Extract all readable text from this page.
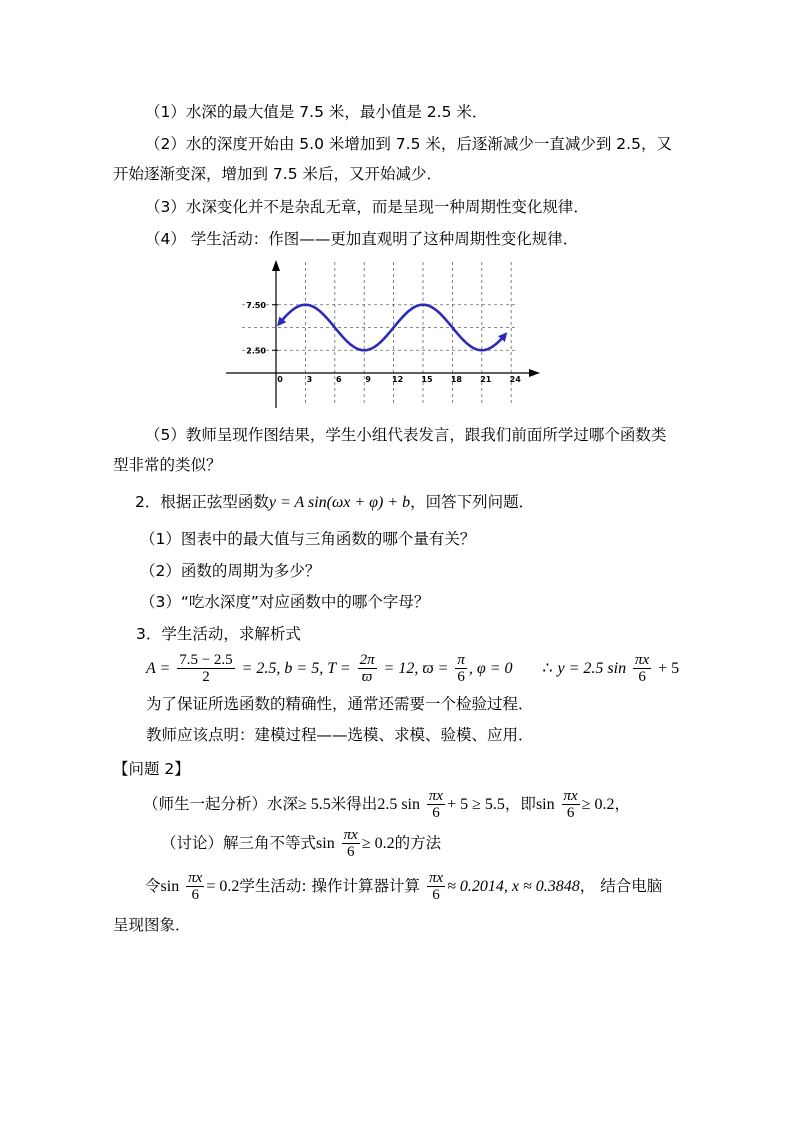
（1）水深的最大值是 7.5 米，最小值是 2.5 米．
（2）水的深度开始由 5.0 米增加到 7.5 米，后逐渐减少一直减少到 2.5，又
开始逐渐变深，增加到 7.5 米后，又开始减少．
（3）水深变化并不是杂乱无章，而是呈现一种周期性变化规律．
（4） 学生活动：作图——更加直观明了这种周期性变化规律．
7.50
2.50
0	3	6	9	12 15 18 21 24
（5）教师呈现作图结果，学生小组代表发言，跟我们前面所学过哪个函数类
型非常的类似？
2．根据正弦型函数y = A sin(ωx + φ) + b，回答下列问题．
（1）图表中的最大值与三角函数的哪个量有关？
（2）函数的周期为多少？
（3）“吃水深度”对应函数中的哪个字母？
3．学生活动，求解析式
$A = \frac{7.5 - 2.5}{2} = 2.5$, b = 5, $T = \frac{2\pi}{ϖ} = 12$, $ϖ = \frac{\pi}{6}$ , φ = 0 ∴ y = 2.5 $\sin \frac{\pi x}{6} + 5$
为了保证所选函数的精确性，通常还需要一个检验过程．
教师应该点明：建模过程——选模、求模、验模、应用．
【问题 2】
（师生一起分析）水深≥ 5.5米得出2.5 $\sin \frac{\pi x}{6} + 5 \ge 5.5$，即$\sin \frac{\pi x}{6} \ge 0.2$，
（讨论）解三角不等式$\sin \frac{\pi x}{6} \ge 0.2$的方法
令$\sin \frac{\pi x}{6} = 0.2$学生活动: 操作计算器计算 $\frac{\pi x}{6} \approx 0.2014$, x ≈ 0.3848， 结合电脑
呈现图象．
